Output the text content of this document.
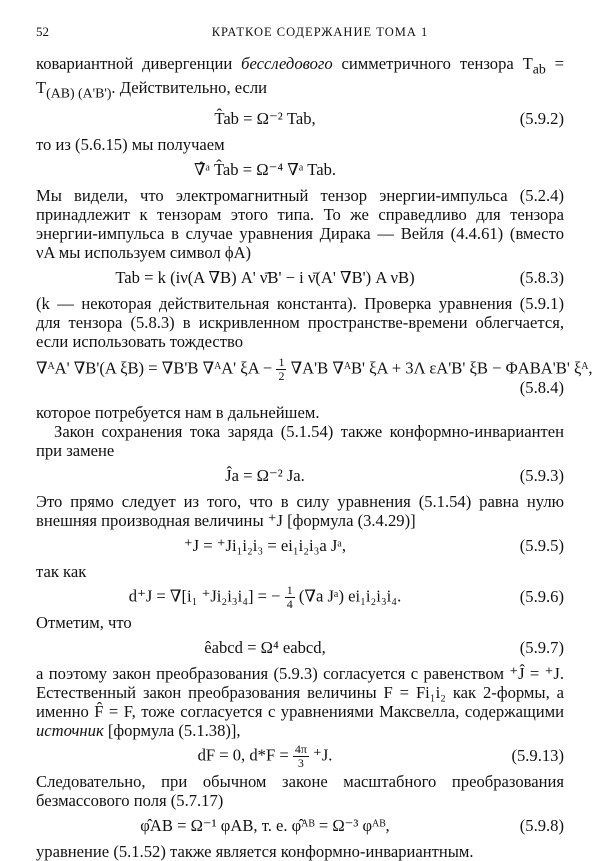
52	КРАТКОЕ СОДЕРЖАНИЕ ТОМА 1

ковариантной дивергенции бесследового симметричного тензора $T_{ab} = T_{(AB) (A'B')}$. Действительно, если

T̂ab = Ω⁻² Tab,	(5.9.2)

то из (5.6.15) мы получаем

∇̂ᵃ T̂ab = Ω⁻⁴ ∇ᵃ Tab.

Мы видели, что электромагнитный тензор энергии-импульса (5.2.4) принадлежит к тензорам этого типа. То же справедливо для тензора энергии-импульса в случае уравнения Дирака — Вейля (4.4.61) (вместо νA мы используем символ ϕA)

Tab = k (iν(A ∇B) A' ν̄B' − i ν̄(A' ∇B') A νB)	(5.8.3)

(k — некоторая действительная константа). Проверка уравнения (5.9.1) для тензора (5.8.3) в искривленном пространстве-времени облегчается, если использовать тождество

∇ᴬA' ∇B'(A ξB) = ∇B'B ∇ᴬA' $\xi A - \frac{1}{2} \nabla A'B$ ∇ᴬB' ξA + 3Λ εA'B' ξB − ΦABA'B' ξᴬ,
(5.8.4)

которое потребуется нам в дальнейшем.

Закон сохранения тока заряда (5.1.54) также конформно-инвариантен при замене

Ĵa = Ω⁻² Ja.	(5.9.3)

Это прямо следует из того, что в силу уравнения (5.1.54) равна нулю внешняя производная величины ⁺J [формула (3.4.29)]

⁺J = ⁺Ji₁i₂i₃ = ei₁i₂i₃a Jᵃ,	(5.9.5)

так как

d⁺J = ∇[i₁ ⁺Ji₂i₃i₄] = − $\frac{1}{4} (\nabla a$ Jᵃ) ei₁i₂i₃i₄.	(5.9.6)

Отметим, что

êabcd = Ω⁴ eabcd,	(5.9.7)

а поэтому закон преобразования (5.9.3) согласуется с равенством ⁺Ĵ = ⁺J. Естественный закон преобразования величины F = Fi₁i₂ как 2-формы, а именно F̂ = F, тоже согласуется с уравнениями Максвелла, содержащими источник [формула (5.1.38)],

dF = 0, $d*F = \frac{4\pi}{3} ^+J$.	(5.9.13)

Следовательно, при обычном законе масштабного преобразования безмассового поля (5.7.17)

φ̂AB = Ω⁻¹ φAB, т. е. φ̂ᴬᴮ = Ω⁻³ φᴬᴮ,	(5.9.8)

уравнение (5.1.52) также является конформно-инвариантным.
